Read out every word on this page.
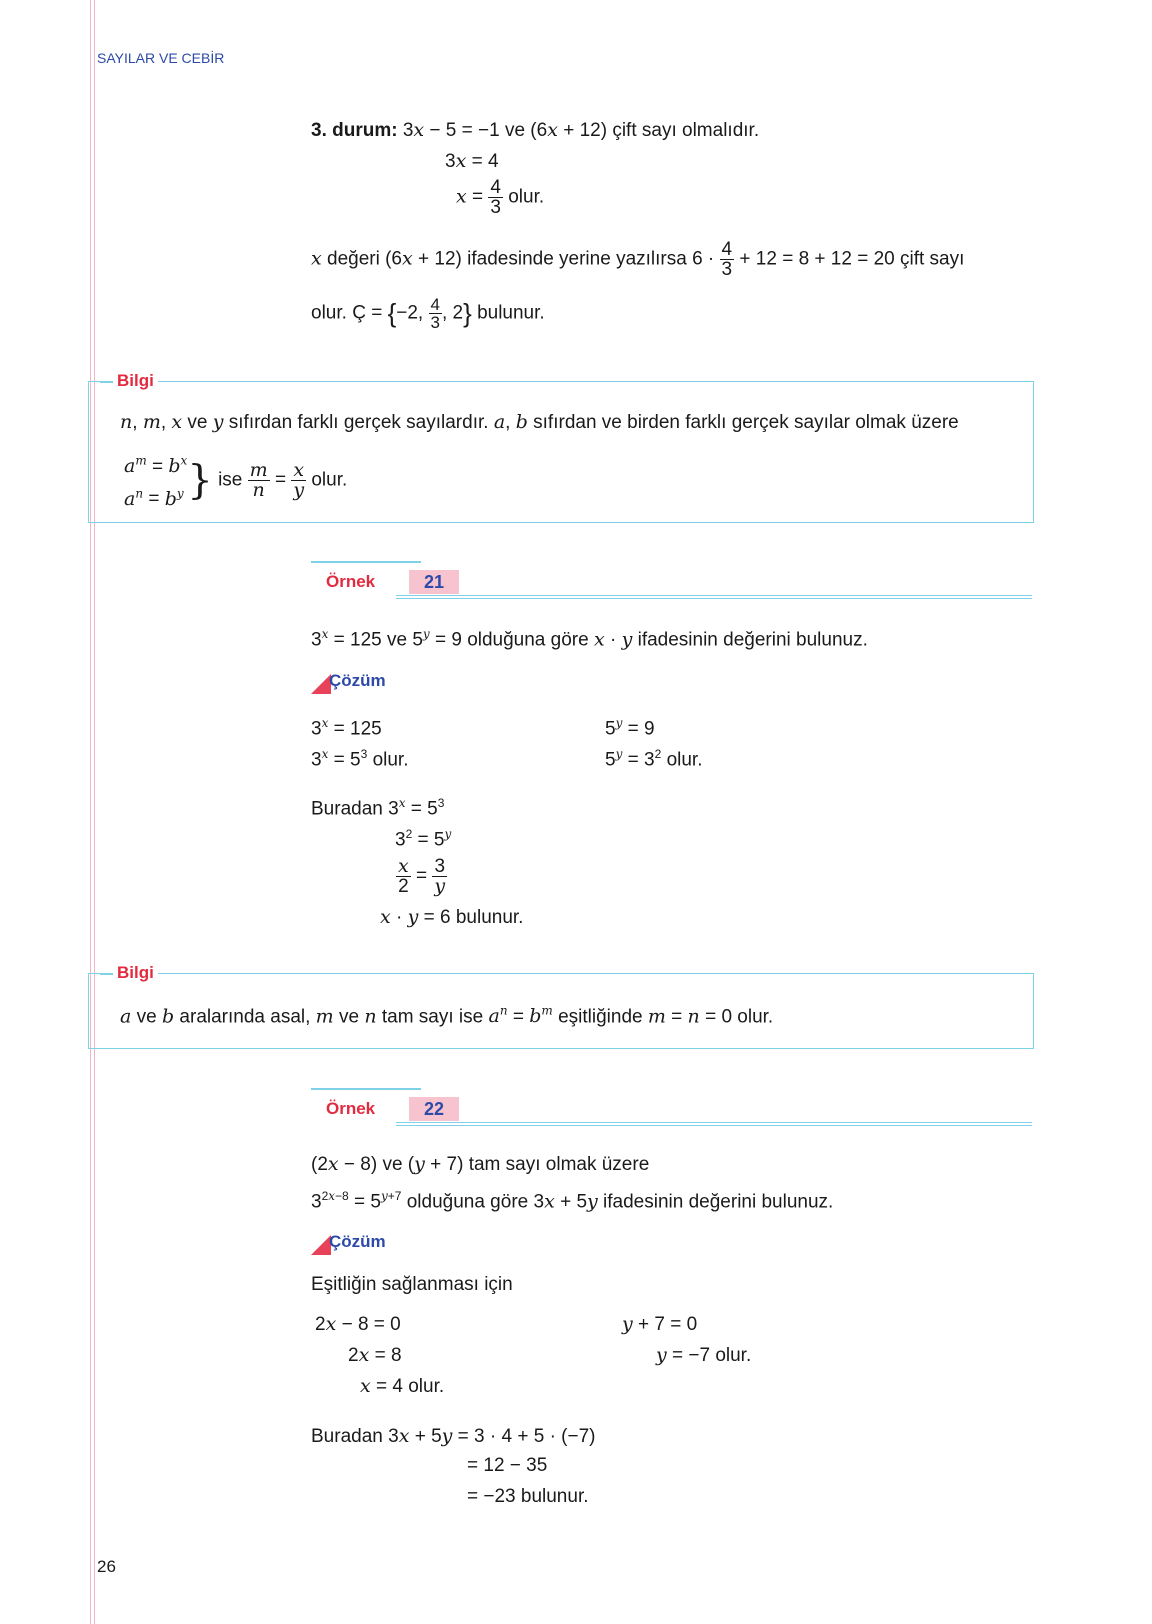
SAYILAR VE CEBİR
3. durum: 3x − 5 = −1 ve (6x + 12) çift sayı olmalıdır.
3x = 4
$x = \frac{4}{3}$ olur.
x değeri (6x + 12) ifadesinde yerine yazılırsa $6 \cdot \frac{4}{3} + 12 = 8 + 12 = 20$ çift sayı
olur. Ç = {−2, $\frac{4}{3}$ , 2} bulunur.
Bilgi
n, m, x ve y sıfırdan farklı gerçek sayılardır. a, b sıfırdan ve birden farklı gerçek sayılar olmak üzere
$a^m = b^x$
$a^n = b^y$} ise $\frac{m}{n} = \frac{x}{y}$ olur.
Örnek	21
$3^x = 125$ ve $5^y = 9$ olduğuna göre x · y ifadesinin değerini bulunuz.
Çözüm
$3^x = 125$
$3^x = 5^3$ olur.
$5^y = 9$
$5^y = 3^2$ olur.
Buradan $3^x = 5^3$
$3^2 = 5^y$
$\frac{x}{2} = \frac{3}{y}$
x · y = 6 bulunur.
Bilgi
a ve b aralarında asal, m ve n tam sayı ise $a^n = b^m$ eşitliğinde m = n = 0 olur.
Örnek	22
(2x − 8) ve (y + 7) tam sayı olmak üzere
$3^{2x-8} = 5^{y+7}$ olduğuna göre 3x + 5y ifadesinin değerini bulunuz.
Çözüm
Eşitliğin sağlanması için
2x − 8 = 0
2x = 8
x = 4 olur.
y + 7 = 0
y = −7 olur.
Buradan 3x + 5y = 3 · 4 + 5 · (−7)
= 12 − 35
= −23 bulunur.
26
